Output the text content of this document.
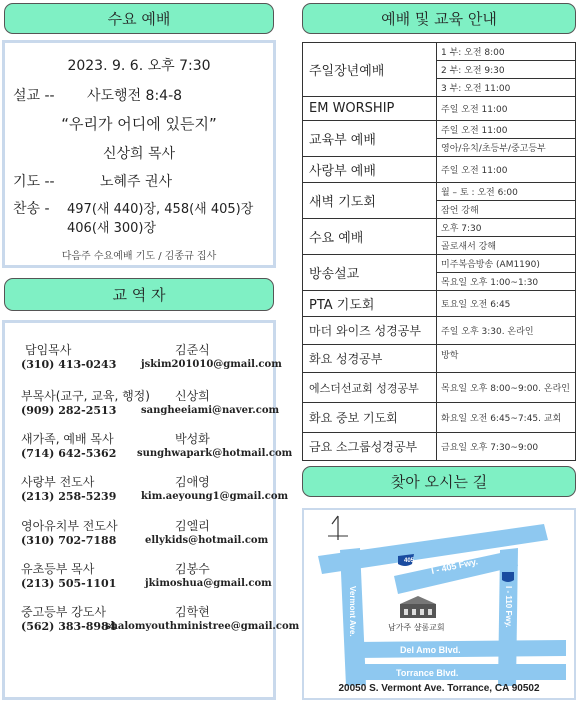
수요 예배
2023. 9. 6. 오후 7:30
설교 -- 사도행전 8:4-8
“우리가 어디에 있든지”
신상희 목사
기도 --	노혜주 권사
찬송 - 497(새 440)장, 458(새 405)장
406(새 300)장
다음주 수요예배 기도 / 김종규 집사
교 역 자
담임목사	김준식
(310) 413-0243 jskim201010@gmail.com
부목사(교구, 교육, 행정) 신상희
(909) 282-2513 sangheeiami@naver.com
새가족, 예배 목사	박성화
(714) 642-5362 sunghwapark@hotmail.com
사랑부 전도사	김애영
(213) 258-5239 kim.aeyoung1@gmail.com
영아유치부 전도사	김엘리
(310) 702-7188	ellykids@hotmail.com
유초등부 목사	김봉수
(213) 505-1101	jkimoshua@gmail.com
중고등부 강도사	김학현
(562) 383-8984
shalomyouthministree@gmail.com
예배 및 교육 안내
주일장년예배	1 부: 오전 8:00
	2 부: 오전 9:30
	3 부: 오전 11:00
EM WORSHIP	주일 오전 11:00
교육부 예배	주일 오전 11:00
	영아/유치/초등부/중고등부
사랑부 예배	주일 오전 11:00
새벽 기도회	월 – 토 : 오전 6:00
	잠언 강해
수요 예배	오후 7:30
	골로새서 강해
방송설교	미주복음방송 (AM1190)
	목요일 오후 1:00~1:30
PTA 기도회	토요일 오전 6:45
마더 와이즈 성경공부	주일 오후 3:30. 온라인
화요 성경공부	방학
에스더선교회 성경공부	목요일 오후 8:00~9:00. 온라인
화요 중보 기도회	화요일 오전 6:45~7:45. 교회
금요 소그룹성경공부	금요일 오후 7:30~9:00
찾아 오시는 길
405
W. 190th St.
I - 405 Fwy.
I - 110 Fwy.
Vermont Ave.	남가주 샬롬교회
Del Amo Blvd.
Torrance Blvd.
20050 S. Vermont Ave. Torrance, CA 90502
